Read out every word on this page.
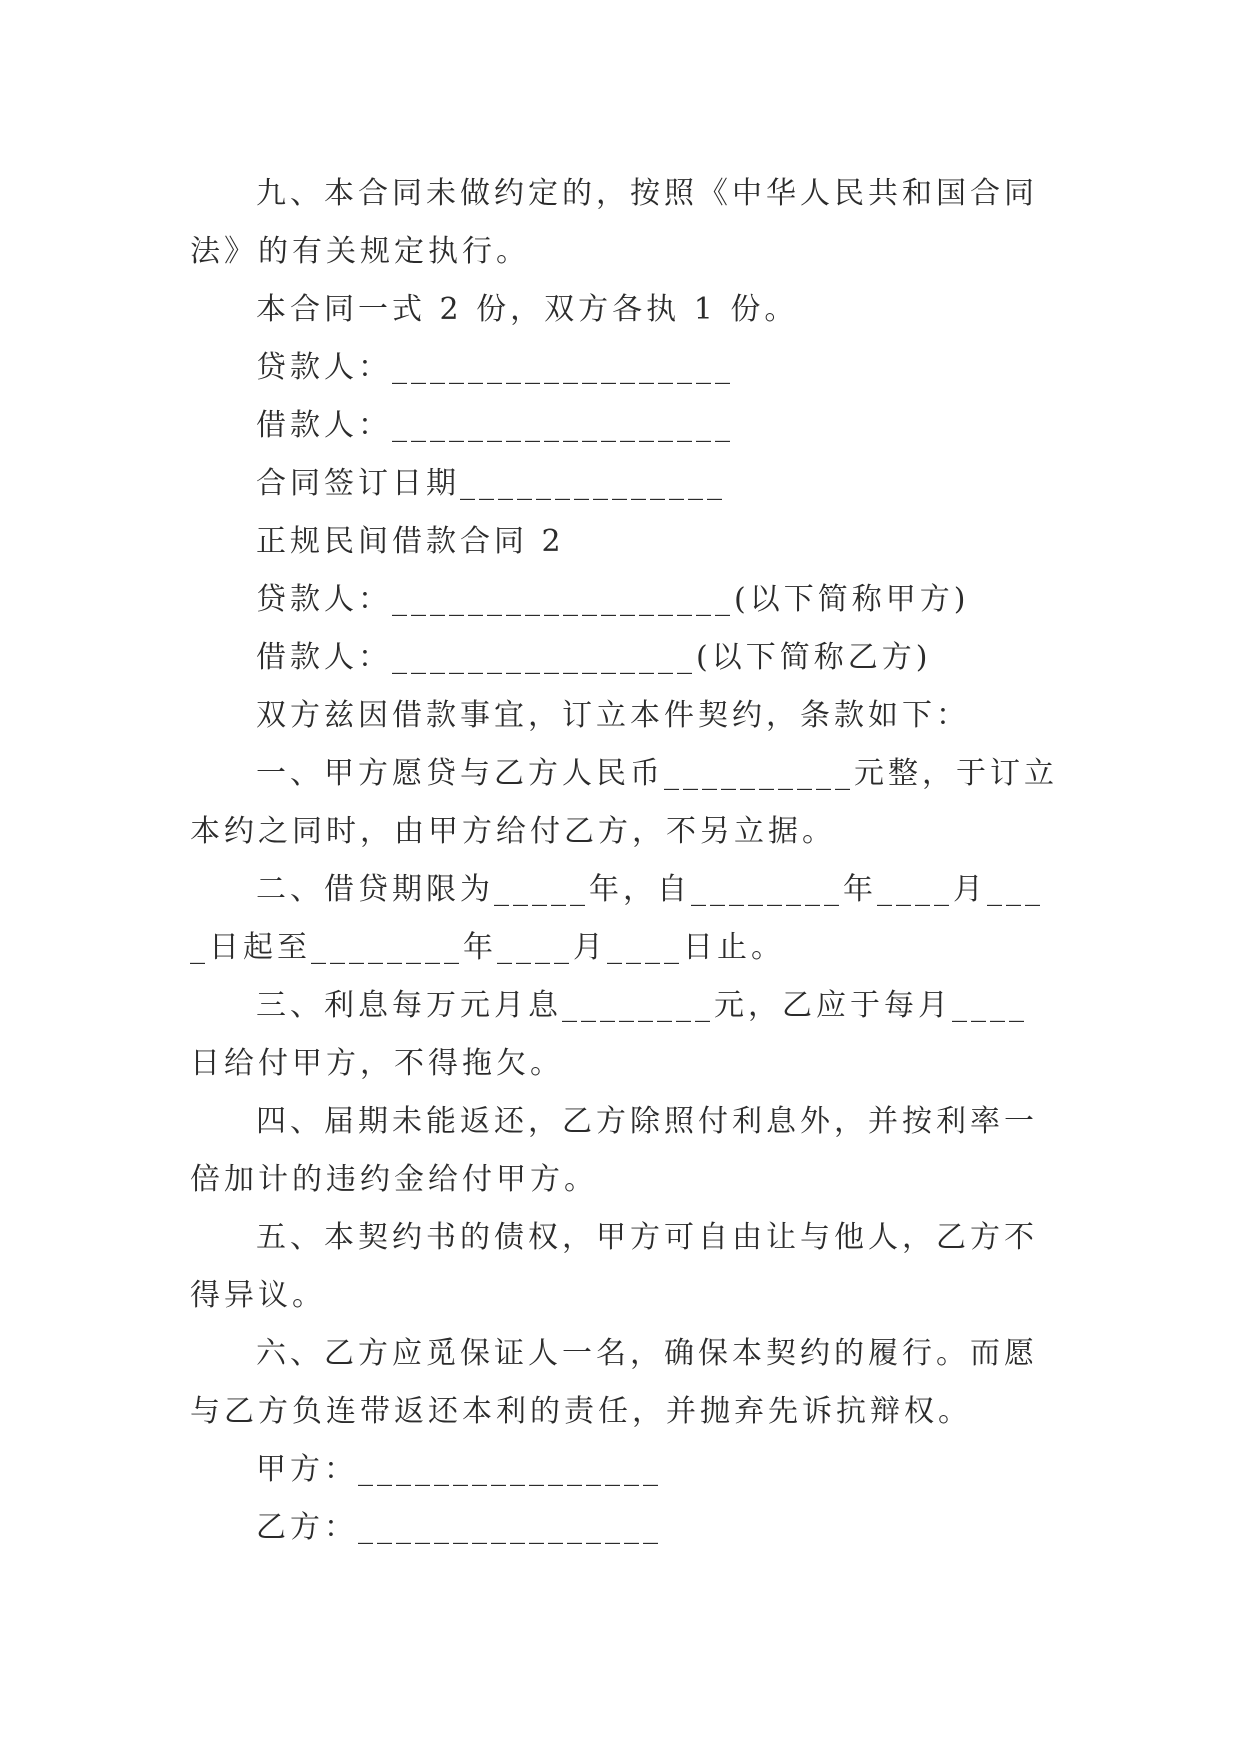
九、本合同未做约定的，按照《中华人民共和国合同法》的有关规定执行。

本合同一式 2 份，双方各执 1 份。

贷款人：__________________

借款人：__________________

合同签订日期______________

正规民间借款合同 2

贷款人：__________________(以下简称甲方)

借款人：________________(以下简称乙方)

双方兹因借款事宜，订立本件契约，条款如下：

一、甲方愿贷与乙方人民币__________元整，于订立本约之同时，由甲方给付乙方，不另立据。

二、借贷期限为_____年，自________年____月____日起至________年____月____日止。

三、利息每万元月息________元，乙应于每月____日给付甲方，不得拖欠。

四、届期未能返还，乙方除照付利息外，并按利率一倍加计的违约金给付甲方。

五、本契约书的债权，甲方可自由让与他人，乙方不得异议。

六、乙方应觅保证人一名，确保本契约的履行。而愿与乙方负连带返还本利的责任，并抛弃先诉抗辩权。

甲方：________________

乙方：________________
